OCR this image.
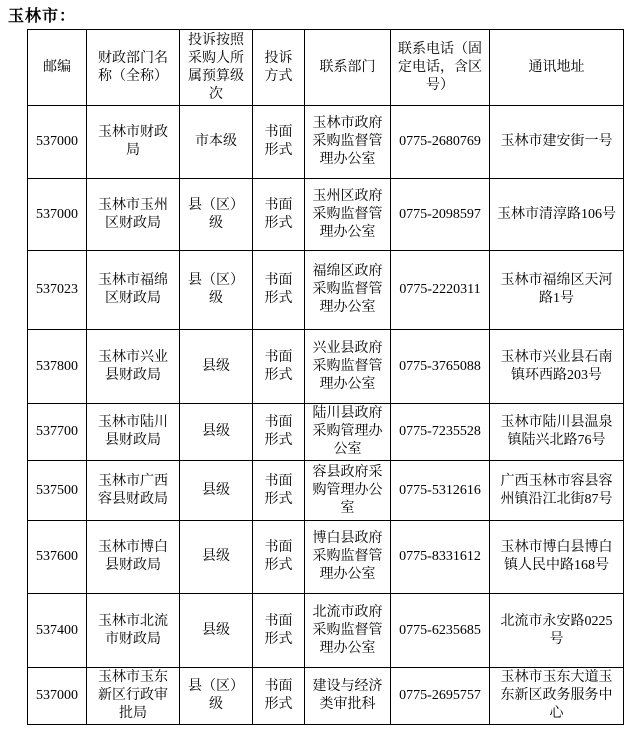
玉林市：
邮编	财政部门名称（全称）	投诉按照采购人所属预算级次	投诉方式	联系部门	联系电话（固定电话，含区号）	通讯地址
537000	玉林市财政局	市本级	书面形式	玉林市政府采购监督管理办公室	0775-2680769	玉林市建安街一号
537000	玉林市玉州区财政局	县（区）级	书面形式	玉州区政府采购监督管理办公室	0775-2098597	玉林市清淳路106号
537023	玉林市福绵区财政局	县（区）级	书面形式	福绵区政府采购监督管理办公室	0775-2220311	玉林市福绵区天河路1号
537800	玉林市兴业县财政局	县级	书面形式	兴业县政府采购监督管理办公室	0775-3765088	玉林市兴业县石南镇环西路203号
537700	玉林市陆川县财政局	县级	书面形式	陆川县政府采购管理办公室	0775-7235528	玉林市陆川县温泉镇陆兴北路76号
537500	玉林市广西容县财政局	县级	书面形式	容县政府采购管理办公室	0775-5312616	广西玉林市容县容州镇沿江北街87号
537600	玉林市博白县财政局	县级	书面形式	博白县政府采购监督管理办公室	0775-8331612	玉林市博白县博白镇人民中路168号
537400	玉林市北流市财政局	县级	书面形式	北流市政府采购监督管理办公室	0775-6235685	北流市永安路0225号
537000	玉林市玉东新区行政审批局	县（区）级	书面形式	建设与经济类审批科	0775-2695757	玉林市玉东大道玉东新区政务服务中心
